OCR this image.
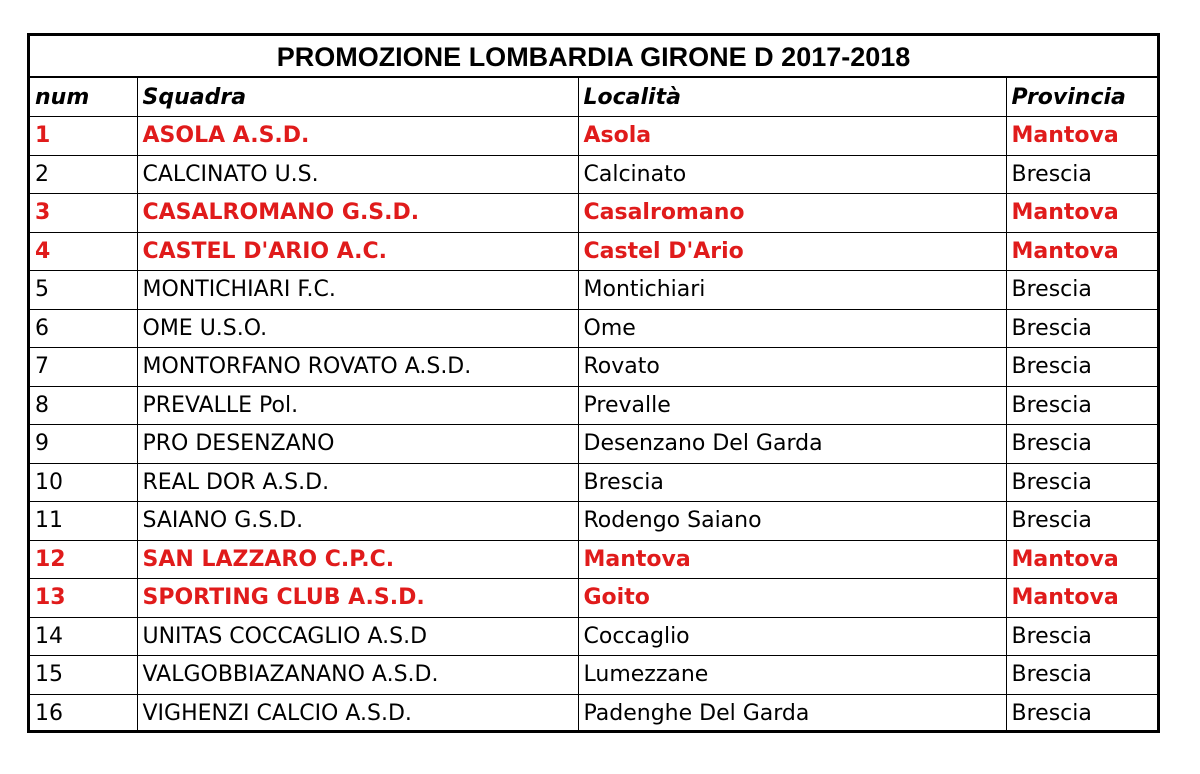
PROMOZIONE LOMBARDIA GIRONE D 2017-2018
num	Squadra	Località	Provincia
1	ASOLA A.S.D.	Asola	Mantova
2	CALCINATO U.S.	Calcinato	Brescia
3	CASALROMANO G.S.D.	Casalromano	Mantova
4	CASTEL D'ARIO A.C.	Castel D'Ario	Mantova
5	MONTICHIARI F.C.	Montichiari	Brescia
6	OME U.S.O.	Ome	Brescia
7	MONTORFANO ROVATO A.S.D.	Rovato	Brescia
8	PREVALLE Pol.	Prevalle	Brescia
9	PRO DESENZANO	Desenzano Del Garda	Brescia
10	REAL DOR A.S.D.	Brescia	Brescia
11	SAIANO G.S.D.	Rodengo Saiano	Brescia
12	SAN LAZZARO C.P.C.	Mantova	Mantova
13	SPORTING CLUB A.S.D.	Goito	Mantova
14	UNITAS COCCAGLIO A.S.D	Coccaglio	Brescia
15	VALGOBBIAZANANO A.S.D.	Lumezzane	Brescia
16	VIGHENZI CALCIO A.S.D.	Padenghe Del Garda	Brescia
